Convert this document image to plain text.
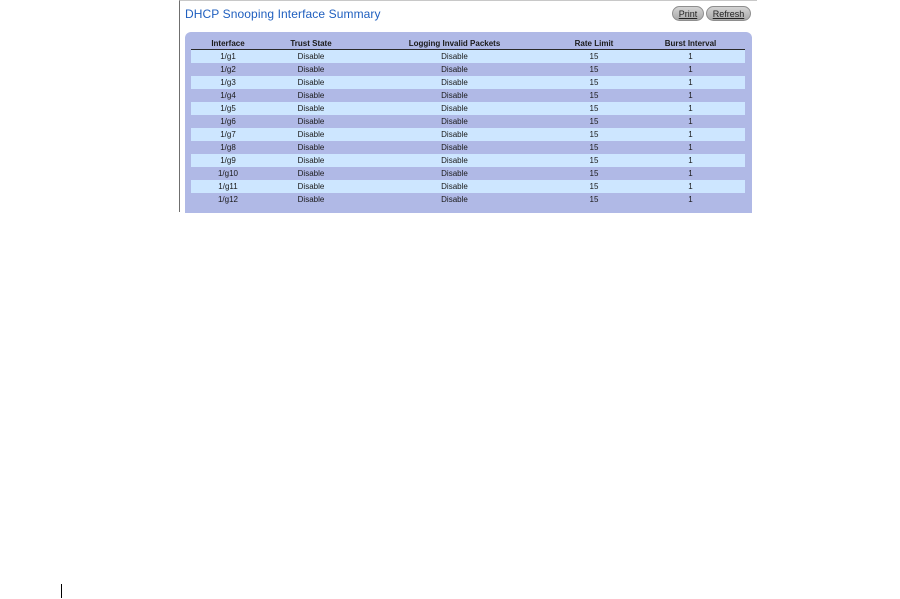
DHCP Snooping Interface Summary	Print	Refresh
Interface	Trust State	Logging Invalid Packets	Rate Limit	Burst Interval
1/g1	Disable	Disable	15	1
1/g2	Disable	Disable	15	1
1/g3	Disable	Disable	15	1
1/g4	Disable	Disable	15	1
1/g5	Disable	Disable	15	1
1/g6	Disable	Disable	15	1
1/g7	Disable	Disable	15	1
1/g8	Disable	Disable	15	1
1/g9	Disable	Disable	15	1
1/g10	Disable	Disable	15	1
1/g11	Disable	Disable	15	1
1/g12	Disable	Disable	15	1
